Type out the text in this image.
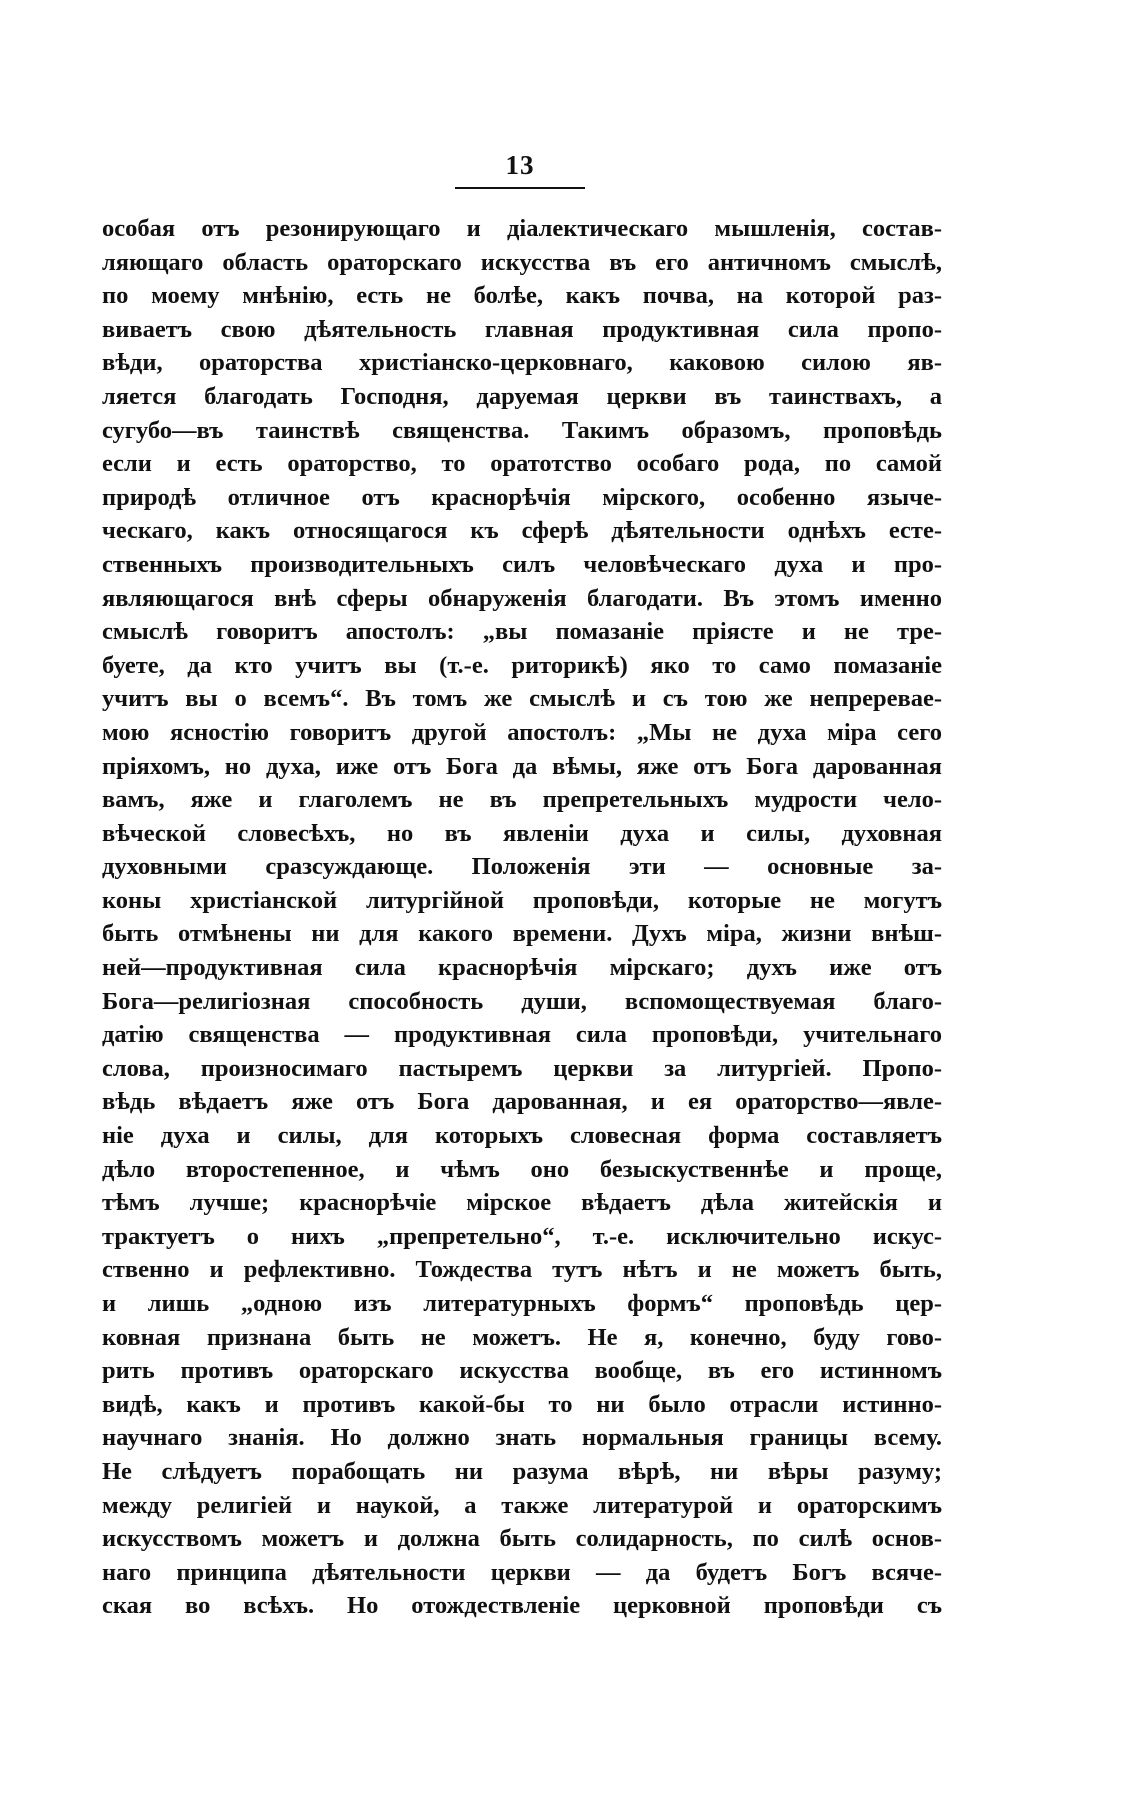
13
особая отъ резонирующаго и діалектическаго мышленія, состав-
ляющаго область ораторскаго искусства въ его античномъ смыслѣ,
по моему мнѣнію, есть не болѣе, какъ почва, на которой раз-
виваетъ свою дѣятельность главная продуктивная сила пропо-
вѣди, ораторства христіанско-церковнаго, каковою силою яв-
ляется благодать Господня, даруемая церкви въ таинствахъ, а
сугубо—въ таинствѣ священства. Такимъ образомъ, проповѣдь
если и есть ораторство, то оратотство особаго рода, по самой
природѣ отличное отъ краснорѣчія мірского, особенно язычe-
ческаго, какъ относящагося къ сферѣ дѣятельности однѣхъ есте-
ственныхъ производительныхъ силъ человѣческаго духа и про-
являющагося внѣ сферы обнаруженія благодати. Въ этомъ именно
смыслѣ говоритъ апостолъ: „вы помазаніе пріясте и не тре-
буете, да кто учитъ вы (т.-е. риторикѣ) яко то само помазаніе
учитъ вы о всемъ“. Въ томъ же смыслѣ и съ тою же непреревае-
мою ясностію говоритъ другой апостолъ: „Мы не духа міра сего
пріяхомъ, но духа, иже отъ Бога да вѣмы, яже отъ Бога дарованная
вамъ, яже и глаголемъ не въ препретельныхъ мудрости чело-
вѣческой словесѣхъ, но въ явленіи духа и силы, духовная
духовными сразсуждающе. Положенія эти — основные за-
коны христіанской литургійной проповѣди, которые не могутъ
быть отмѣнены ни для какого времени. Духъ міра, жизни внѣш-
ней—продуктивная сила краснорѣчія мірскаго; духъ иже отъ
Бога—религіозная способность души, вспомоществуемая благо-
датію священства — продуктивная сила проповѣди, учительнаго
слова, произносимаго пастыремъ церкви за литургіей. Пропо-
вѣдь вѣдаетъ яже отъ Бога дарованная, и ея ораторство—явле-
ніе духа и силы, для которыхъ словесная форма составляетъ
дѣло второстепенное, и чѣмъ оно безыскуственнѣе и проще,
тѣмъ лучше; краснорѣчіе мірское вѣдаетъ дѣла житейскія и
трактуетъ о нихъ „препретельно“, т.-е. исключительно искус-
ственно и рефлективно. Тождества тутъ нѣтъ и не можетъ быть,
и лишь „одною изъ литературныхъ формъ“ проповѣдь цер-
ковная признана быть не можетъ. Не я, конечно, буду гово-
рить противъ ораторскаго искусства вообще, въ его истинномъ
видѣ, какъ и противъ какой-бы то ни было отрасли истинно-
научнаго знанія. Но должно знать нормальныя границы всему.
Не слѣдуетъ порабощать ни разума вѣрѣ, ни вѣры разуму;
между религіей и наукой, а также литературой и ораторскимъ
искусствомъ можетъ и должна быть солидарность, по силѣ основ-
наго принципа дѣятельности церкви — да будетъ Богъ всяче-
ская во всѣхъ. Но отождествленіе церковной проповѣди съ
